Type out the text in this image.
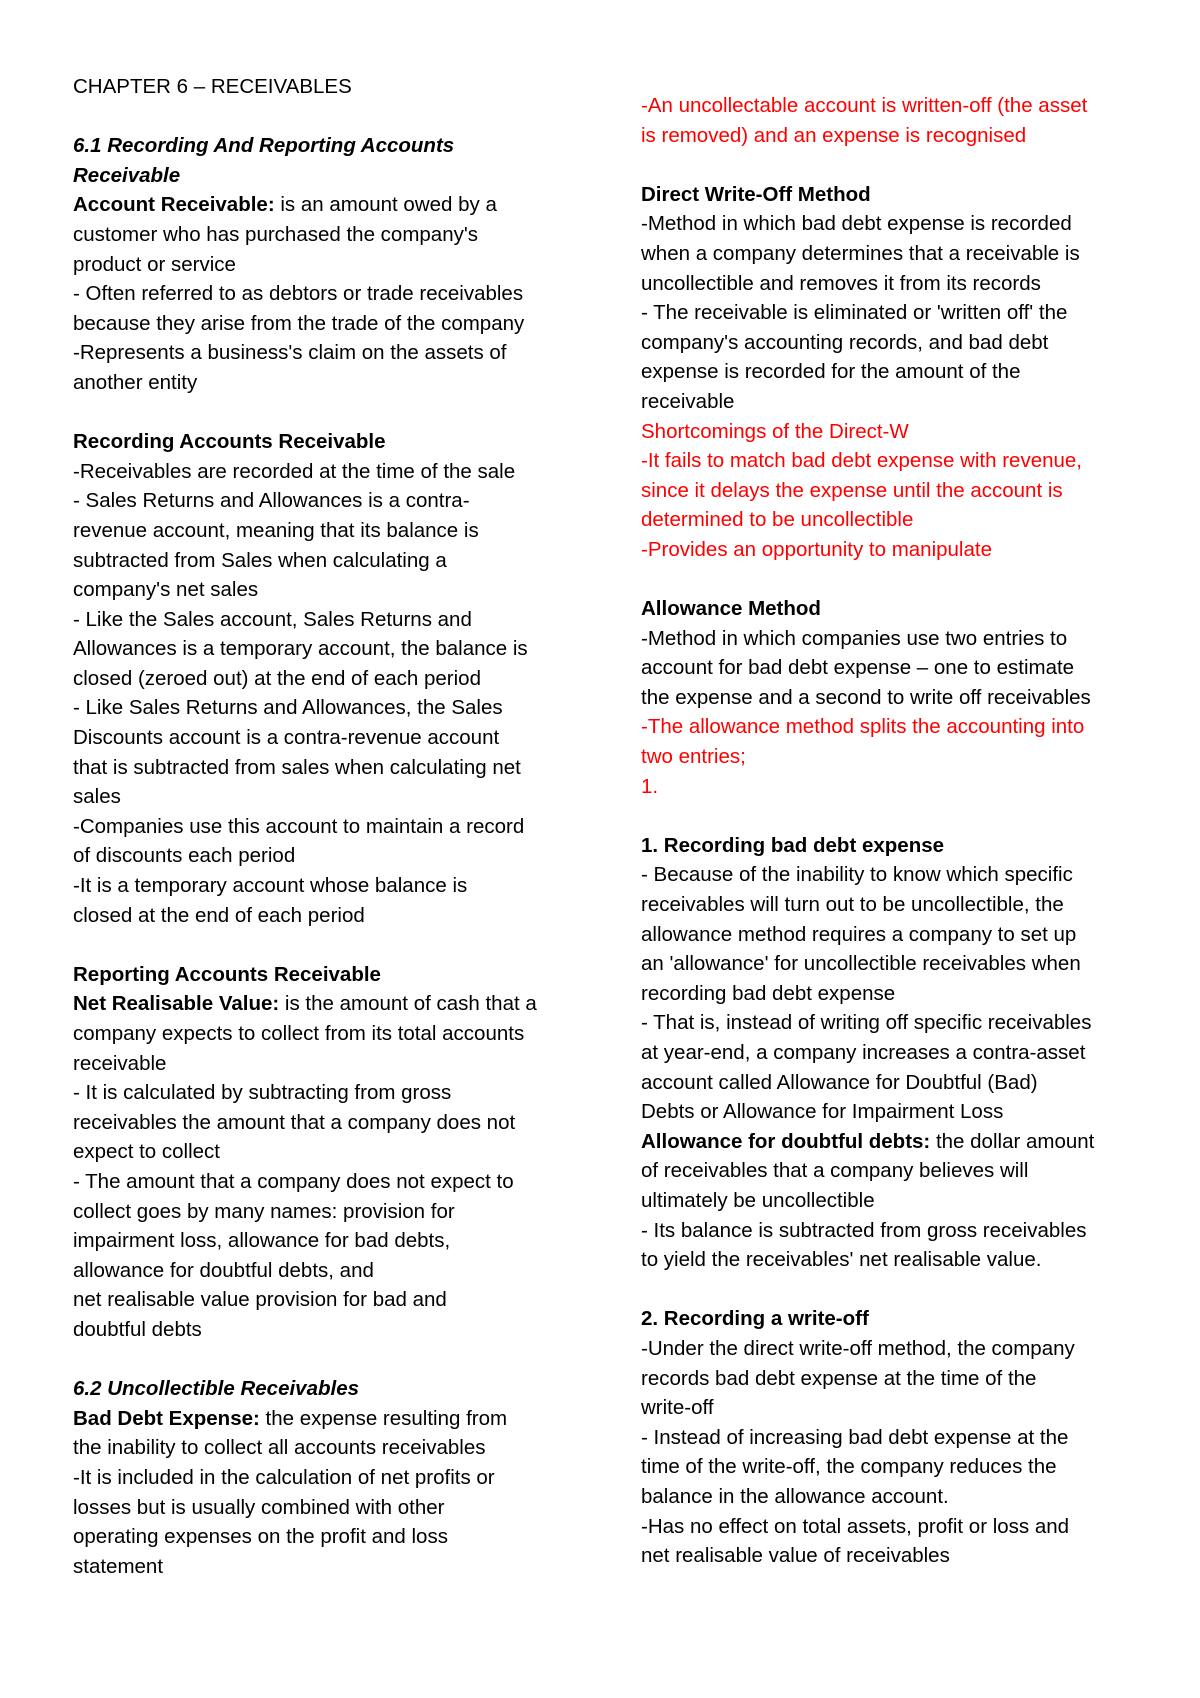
CHAPTER 6 – RECEIVABLES
6.1 Recording And Reporting Accounts
Receivable
Account Receivable: is an amount owed by a
customer who has purchased the company's
product or service
- Often referred to as debtors or trade receivables
because they arise from the trade of the company
-Represents a business's claim on the assets of
another entity
Recording Accounts Receivable
-Receivables are recorded at the time of the sale
- Sales Returns and Allowances is a contra-
revenue account, meaning that its balance is
subtracted from Sales when calculating a
company's net sales
- Like the Sales account, Sales Returns and
Allowances is a temporary account, the balance is
closed (zeroed out) at the end of each period
- Like Sales Returns and Allowances, the Sales
Discounts account is a contra-revenue account
that is subtracted from sales when calculating net
sales
-Companies use this account to maintain a record
of discounts each period
-It is a temporary account whose balance is
closed at the end of each period
Reporting Accounts Receivable
Net Realisable Value: is the amount of cash that a
company expects to collect from its total accounts
receivable
- It is calculated by subtracting from gross
receivables the amount that a company does not
expect to collect
- The amount that a company does not expect to
collect goes by many names: provision for
impairment loss, allowance for bad debts,
allowance for doubtful debts, and
net realisable value provision for bad and
doubtful debts
6.2 Uncollectible Receivables
Bad Debt Expense: the expense resulting from
the inability to collect all accounts receivables
-It is included in the calculation of net profits or
losses but is usually combined with other
operating expenses on the profit and loss
statement
-An uncollectable account is written-off (the asset
is removed) and an expense is recognised
Direct Write-Off Method
-Method in which bad debt expense is recorded
when a company determines that a receivable is
uncollectible and removes it from its records
- The receivable is eliminated or 'written off' the
company's accounting records, and bad debt
expense is recorded for the amount of the
receivable
Shortcomings of the Direct-W
-It fails to match bad debt expense with revenue,
since it delays the expense until the account is
determined to be uncollectible
-Provides an opportunity to manipulate
Allowance Method
-Method in which companies use two entries to
account for bad debt expense – one to estimate
the expense and a second to write off receivables
-The allowance method splits the accounting into
two entries;
1.
1. Recording bad debt expense
- Because of the inability to know which specific
receivables will turn out to be uncollectible, the
allowance method requires a company to set up
an 'allowance' for uncollectible receivables when
recording bad debt expense
- That is, instead of writing off specific receivables
at year-end, a company increases a contra-asset
account called Allowance for Doubtful (Bad)
Debts or Allowance for Impairment Loss
Allowance for doubtful debts: the dollar amount
of receivables that a company believes will
ultimately be uncollectible
- Its balance is subtracted from gross receivables
to yield the receivables' net realisable value.
2. Recording a write-off
-Under the direct write-off method, the company
records bad debt expense at the time of the
write-off
- Instead of increasing bad debt expense at the
time of the write-off, the company reduces the
balance in the allowance account.
-Has no effect on total assets, profit or loss and
net realisable value of receivables
